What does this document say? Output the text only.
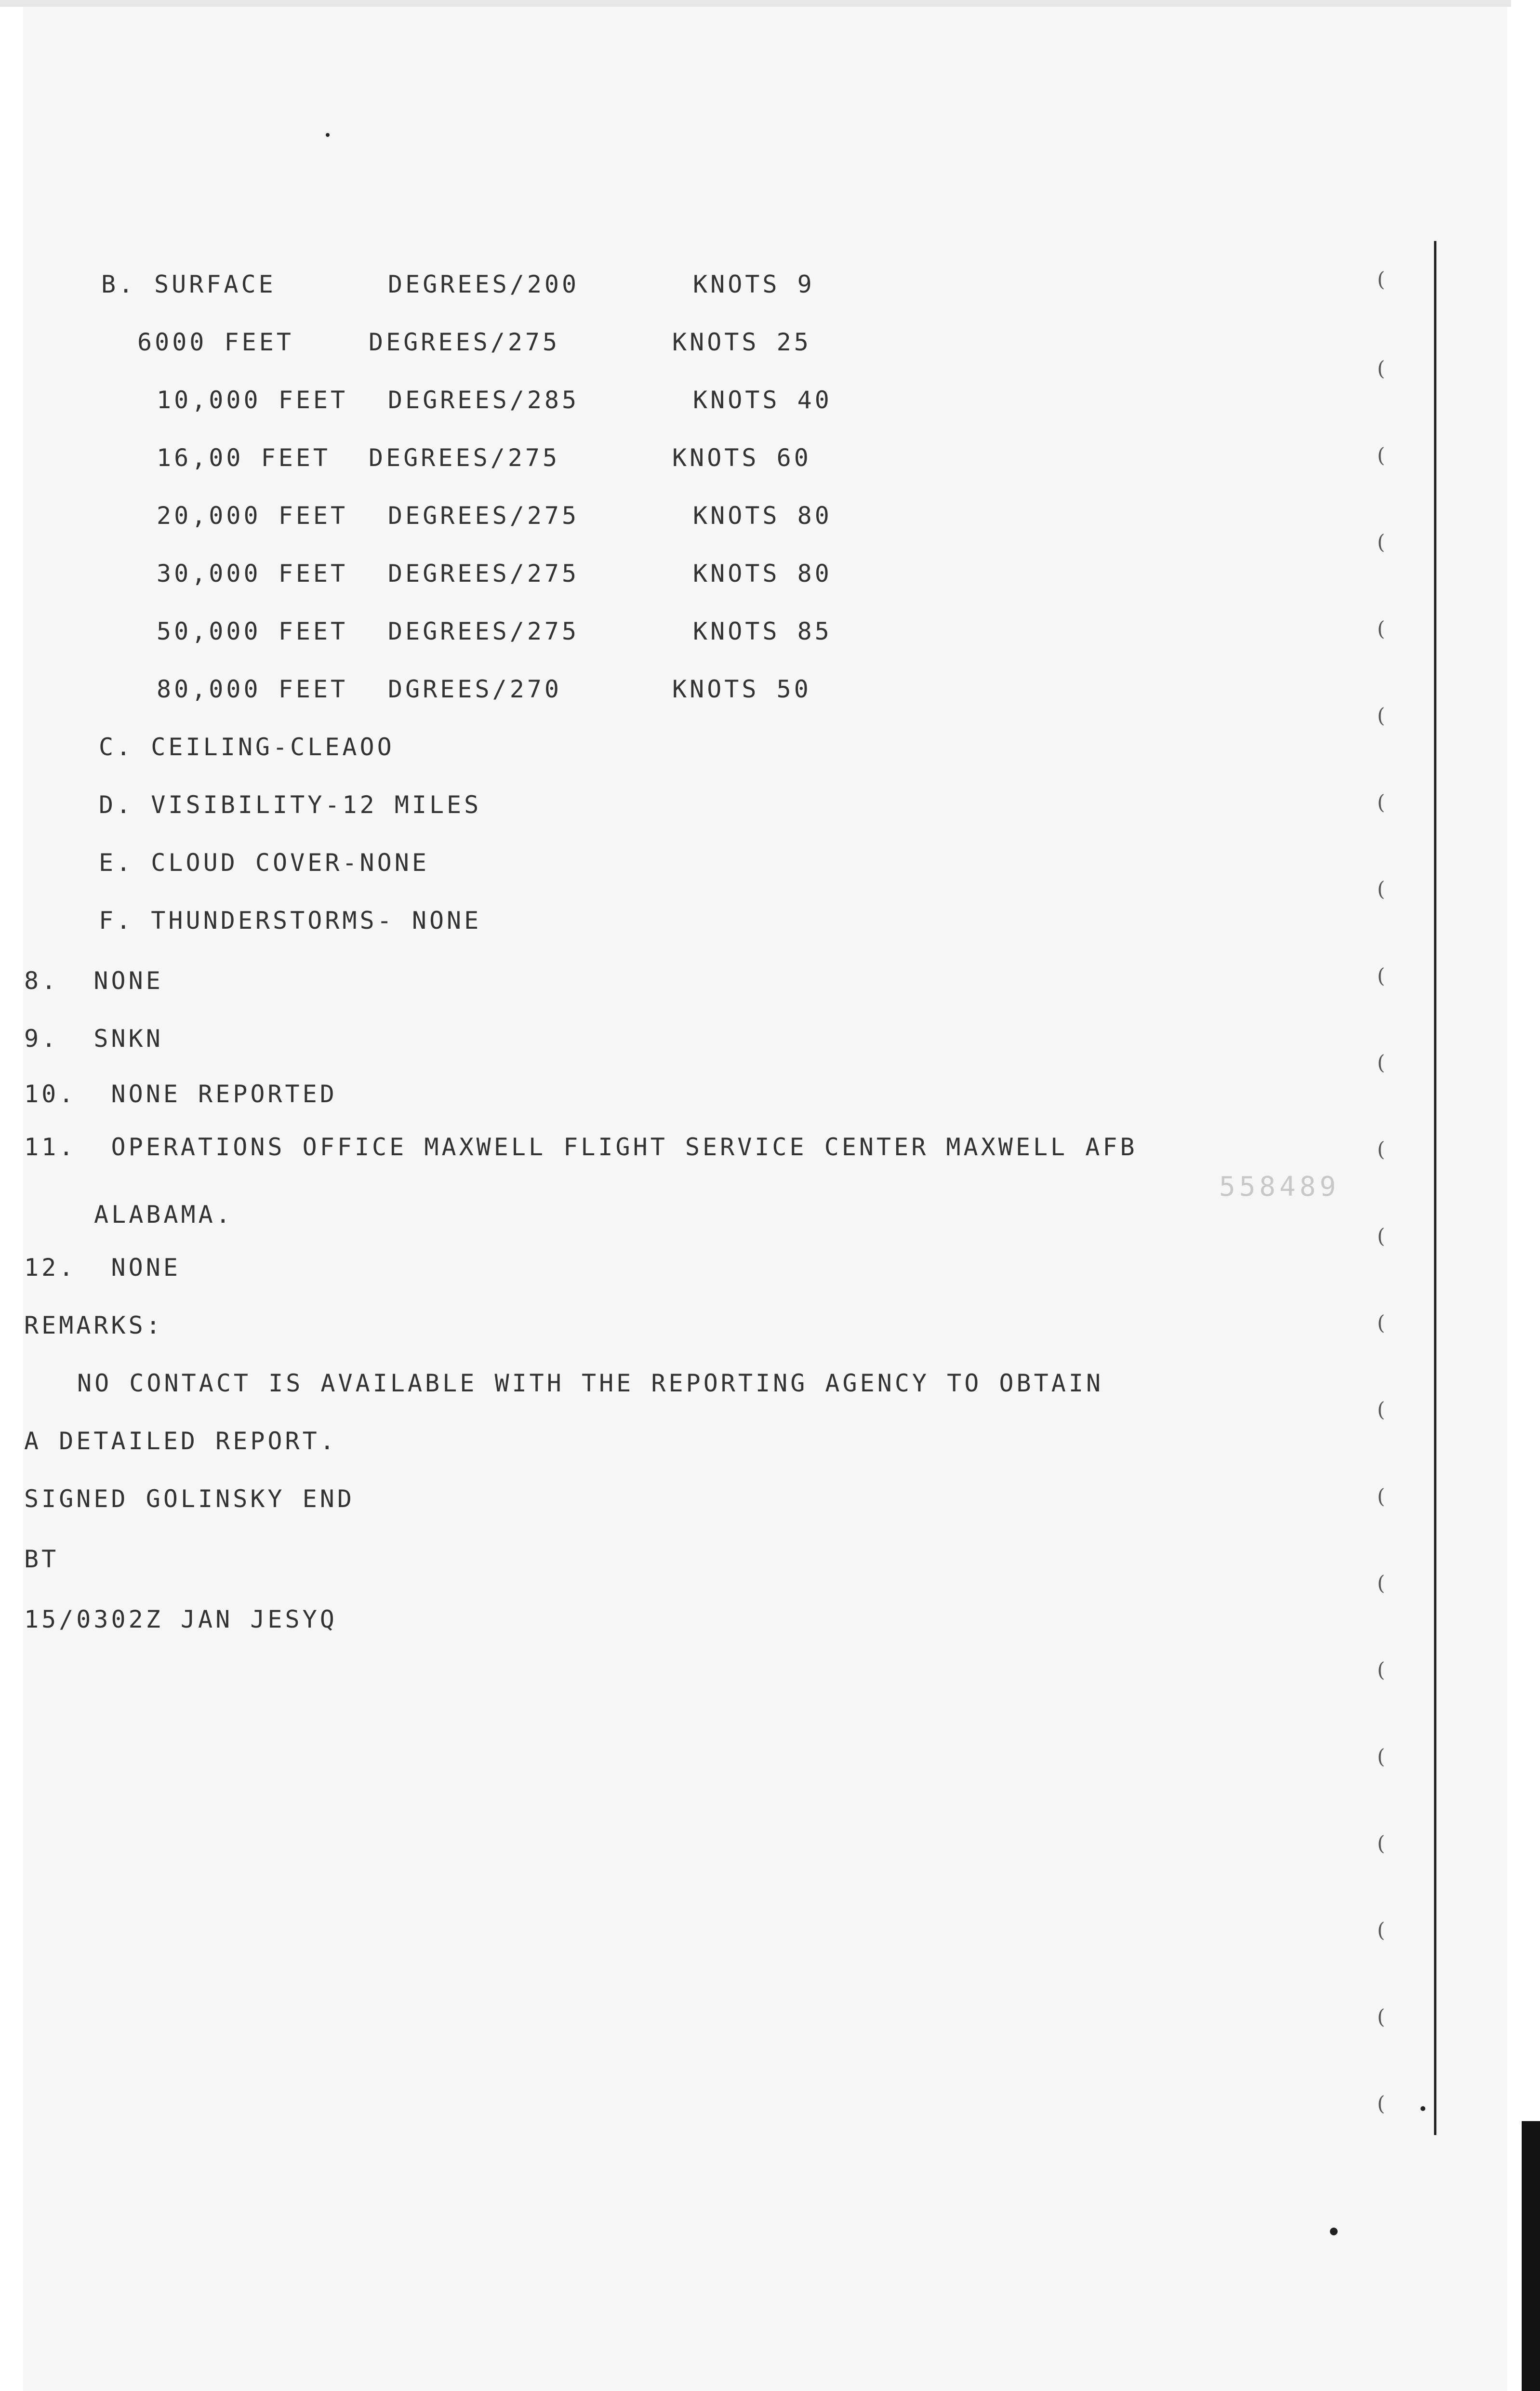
(
(
(
(
(
(
(
(
(
(
(
(
(
(
(
(
(
(
(
(
(
(
558489
B. SURFACE	DEGREES/200	KNOTS 9
6000 FEET	DEGREES/275	KNOTS 25
10,000 FEET DEGREES/285	KNOTS 40
16,00 FEET DEGREES/275	KNOTS 60
20,000 FEET DEGREES/275	KNOTS 80
30,000 FEET DEGREES/275	KNOTS 80
50,000 FEET DEGREES/275	KNOTS 85
80,000 FEET DGREES/270	KNOTS 50
C. CEILING-CLEAOO
D. VISIBILITY-12 MILES
E. CLOUD COVER-NONE
F. THUNDERSTORMS- NONE
8.  NONE
9.  SNKN
10.  NONE REPORTED
11.  OPERATIONS OFFICE MAXWELL FLIGHT SERVICE CENTER MAXWELL AFB
ALABAMA.
12.  NONE
REMARKS:
NO CONTACT IS AVAILABLE WITH THE REPORTING AGENCY TO OBTAIN
A DETAILED REPORT.
SIGNED GOLINSKY END
BT
15/0302Z JAN JESYQ
